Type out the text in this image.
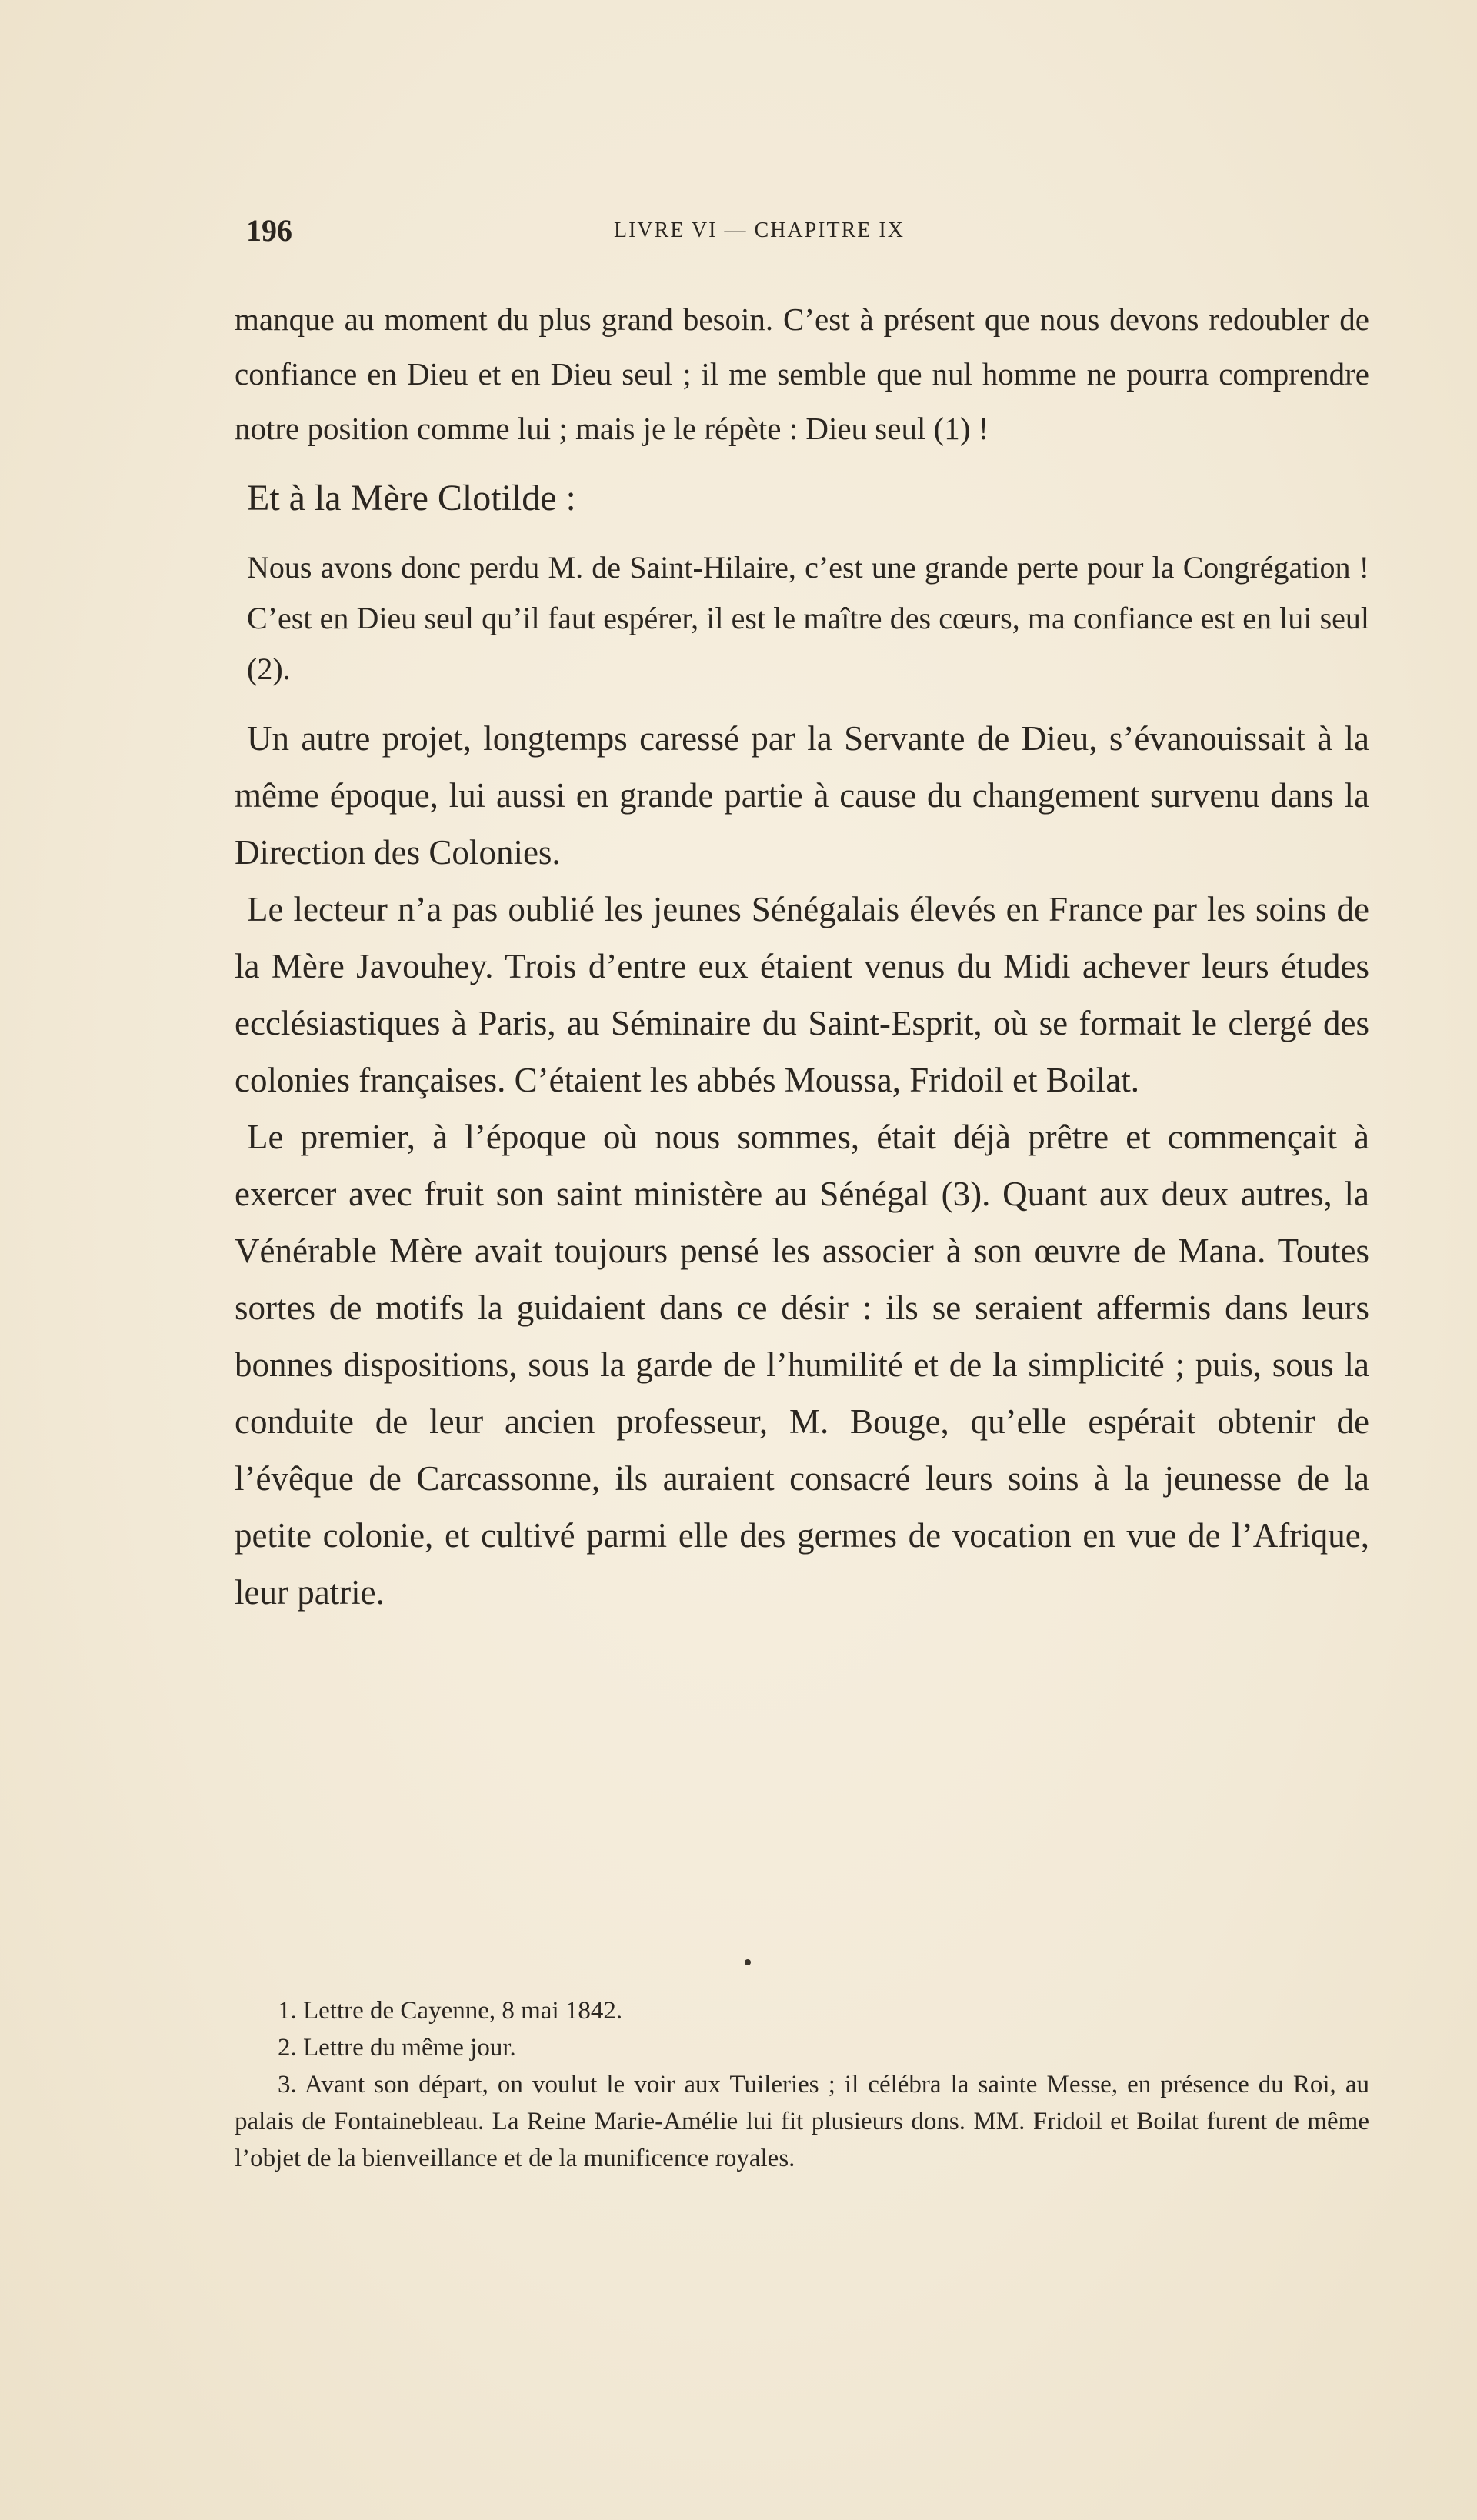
196	LIVRE VI — CHAPITRE IX

manque au moment du plus grand besoin. C’est à présent que nous devons redoubler de confiance en Dieu et en Dieu seul ; il me semble que nul homme ne pourra comprendre notre position comme lui ; mais je le répète : Dieu seul (1) !

Et à la Mère Clotilde :

Nous avons donc perdu M. de Saint-Hilaire, c’est une grande perte pour la Congrégation ! C’est en Dieu seul qu’il faut espérer, il est le maître des cœurs, ma confiance est en lui seul (2).

Un autre projet, longtemps caressé par la Servante de Dieu, s’évanouissait à la même époque, lui aussi en grande partie à cause du changement survenu dans la Direction des Colonies.

Le lecteur n’a pas oublié les jeunes Sénégalais élevés en France par les soins de la Mère Javouhey. Trois d’entre eux étaient venus du Midi achever leurs études ecclésiastiques à Paris, au Séminaire du Saint-Esprit, où se formait le clergé des colonies françaises. C’étaient les abbés Moussa, Fridoil et Boilat.

Le premier, à l’époque où nous sommes, était déjà prêtre et commençait à exercer avec fruit son saint ministère au Sénégal (3). Quant aux deux autres, la Vénérable Mère avait toujours pensé les associer à son œuvre de Mana. Toutes sortes de motifs la guidaient dans ce désir : ils se seraient affermis dans leurs bonnes dispositions, sous la garde de l’humilité et de la simplicité ; puis, sous la conduite de leur ancien professeur, M. Bouge, qu’elle espérait obtenir de l’évêque de Carcassonne, ils auraient consacré leurs soins à la jeunesse de la petite colonie, et cultivé parmi elle des germes de vocation en vue de l’Afrique, leur patrie.

1. Lettre de Cayenne, 8 mai 1842.

2. Lettre du même jour.

3. Avant son départ, on voulut le voir aux Tuileries ; il célébra la sainte Messe, en présence du Roi, au palais de Fontainebleau. La Reine Marie-Amélie lui fit plusieurs dons. MM. Fridoil et Boilat furent de même l’objet de la bienveillance et de la munificence royales.
